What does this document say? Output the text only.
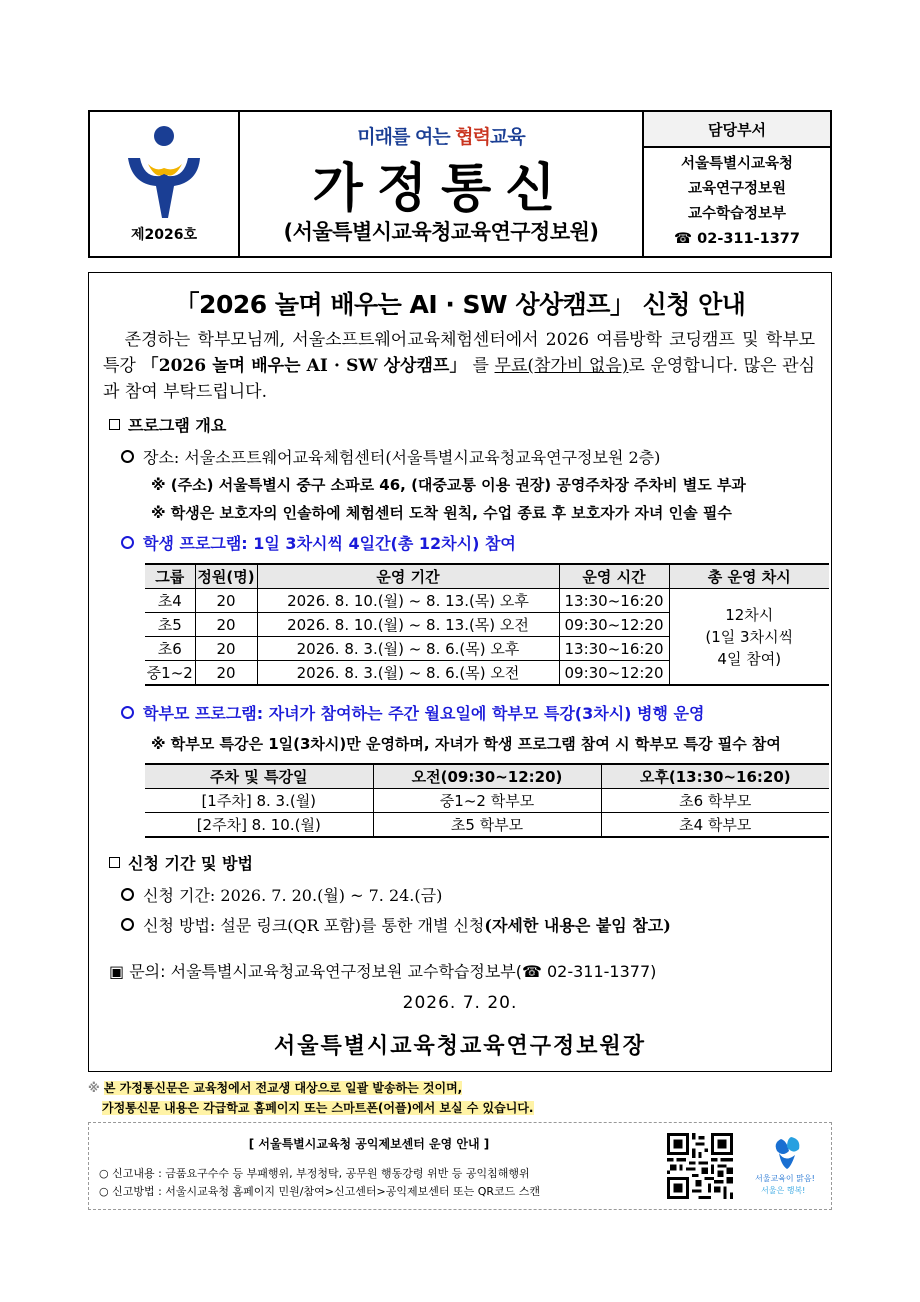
제2026호
미래를 여는 협력교육
가정통신
(서울특별시교육청교육연구정보원)
담당부서
서울특별시교육청
교육연구정보원
교수학습정보부
☎ 02-311-1377
「2026 놀며 배우는 AI · SW 상상캠프」 신청 안내
존경하는 학부모님께, 서울소프트웨어교육체험센터에서 2026 여름방학 코딩캠프 및 학부모 특강 「2026 놀며 배우는 AI · SW 상상캠프」 를 무료(참가비 없음)로 운영합니다. 많은 관심과 참여 부탁드립니다.
프로그램 개요
장소: 서울소프트웨어교육체험센터(서울특별시교육청교육연구정보원 2층)
※ (주소) 서울특별시 중구 소파로 46, (대중교통 이용 권장) 공영주차장 주차비 별도 부과
※ 학생은 보호자의 인솔하에 체험센터 도착 원칙, 수업 종료 후 보호자가 자녀 인솔 필수
학생 프로그램: 1일 3차시씩 4일간(총 12차시) 참여
그룹	정원(명)	운영 기간	운영 시간	총 운영 차시
초4	20	2026. 8. 10.(월) ~ 8. 13.(목) 오후	13:30~16:20	12차시
(1일 3차시씩
4일 참여)

초5	20	2026. 8. 10.(월) ~ 8. 13.(목) 오전	09:30~12:20	
초6	20	2026. 8. 3.(월) ~ 8. 6.(목) 오후	13:30~16:20	
중1~2	20	2026. 8. 3.(월) ~ 8. 6.(목) 오전	09:30~12:20	
학부모 프로그램: 자녀가 참여하는 주간 월요일에 학부모 특강(3차시) 병행 운영
※ 학부모 특강은 1일(3차시)만 운영하며, 자녀가 학생 프로그램 참여 시 학부모 특강 필수 참여
주차 및 특강일	오전(09:30~12:20)	오후(13:30~16:20)
[1주차] 8. 3.(월)	중1~2 학부모	초6 학부모
[2주차] 8. 10.(월)	초5 학부모	초4 학부모
신청 기간 및 방법
신청 기간: 2026. 7. 20.(월) ~ 7. 24.(금)
신청 방법: 설문 링크(QR 포함)를 통한 개별 신청(자세한 내용은 붙임 참고)
▣ 문의: 서울특별시교육청교육연구정보원 교수학습정보부(☎ 02-311-1377)
2026. 7. 20.
서울특별시교육청교육연구정보원장
※ 본 가정통신문은 교육청에서 전교생 대상으로 일괄 발송하는 것이며,
가정통신문 내용은 각급학교 홈페이지 또는 스마트폰(어플)에서 보실 수 있습니다.
[ 서울특별시교육청 공익제보센터 운영 안내 ]
○ 신고내용 : 금품요구수수 등 부패행위, 부정청탁, 공무원 행동강령 위반 등 공익침해행위
○ 신고방법 : 서울시교육청 홈페이지 민원/참여>신고센터>공익제보센터 또는 QR코드 스캔
서울교육이 맑음!
서울은 행복!
